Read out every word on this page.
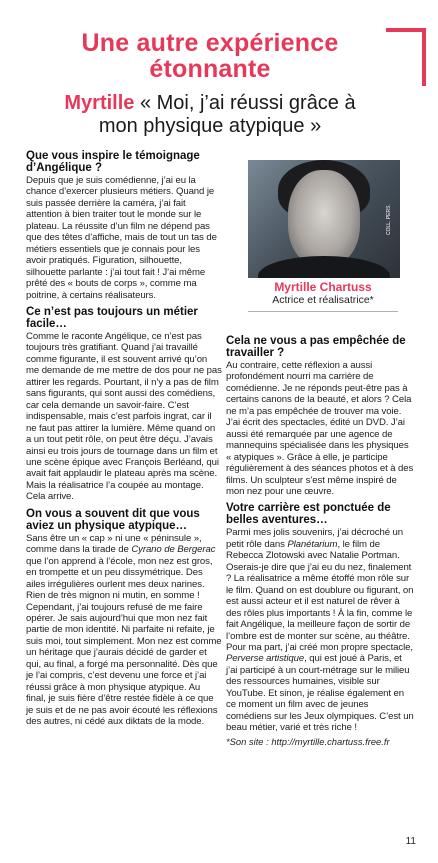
Une autre expérience étonnante
Myrtille « Moi, j’ai réussi grâce à mon physique atypique »
Que vous inspire le témoignage d’Angélique ?

Depuis que je suis comédienne, j’ai eu la chance d’exercer plusieurs métiers. Quand je suis passée derrière la caméra, j’ai fait attention à bien traiter tout le monde sur le plateau. La réussite d’un film ne dépend pas que des têtes d’affiche, mais de tout un tas de métiers essentiels que je connais pour les avoir pratiqués. Figuration, silhouette, silhouette parlante : j’ai tout fait ! J’ai même prêté des « bouts de corps », comme ma poitrine, à certains réalisateurs.

Ce n’est pas toujours un métier facile…

Comme le raconte Angélique, ce n’est pas toujours très gratifiant. Quand j’ai travaillé comme figurante, il est souvent arrivé qu’on me demande de me mettre de dos pour ne pas attirer les regards. Pourtant, il n’y a pas de film sans figurants, qui sont aussi des comédiens, car cela demande un savoir-faire. C’est indispensable, mais c’est parfois ingrat, car il ne faut pas attirer la lumière. Même quand on a un tout petit rôle, on peut être déçu. J’avais ainsi eu trois jours de tournage dans un film et une scène épique avec François Berléand, qui avait fait applaudir le plateau après ma scène. Mais la réalisatrice l’a coupée au montage. Cela arrive.

On vous a souvent dit que vous aviez un physique atypique…

Sans être un « cap » ni une « péninsule », comme dans la tirade de Cyrano de Bergerac que l’on apprend à l’école, mon nez est gros, en trompette et un peu dissymétrique. Des ailes irrégulières ourlent mes deux narines. Rien de très mignon ni mutin, en somme ! Cependant, j’ai toujours refusé de me faire opérer. Je sais aujourd’hui que mon nez fait partie de mon identité. Ni parfaite ni refaite, je suis moi, tout simplement. Mon nez est comme un héritage que j’aurais décidé de garder et qui, au final, a forgé ma personnalité. Dès que je l’ai compris, c’est devenu une force et j’ai réussi grâce à mon physique atypique. Au final, je suis fière d’être restée fidèle à ce que je suis et de ne pas avoir écouté les réflexions des autres, ni cédé aux diktats de la mode.

COLL. PERS.
Myrtille Chartuss
Actrice et réalisatrice*
Cela ne vous a pas empêchée de travailler ?

Au contraire, cette réflexion a aussi profondément nourri ma carrière de comédienne. Je ne réponds peut-être pas à certains canons de la beauté, et alors ? Cela ne m’a pas empêchée de trouver ma voie. J’ai écrit des spectacles, édité un DVD. J’ai aussi été remarquée par une agence de mannequins spécialisée dans les physiques « atypiques ». Grâce à elle, je participe régulièrement à des séances photos et à des films. Un sculpteur s’est même inspiré de mon nez pour une œuvre.

Votre carrière est ponctuée de belles aventures…

Parmi mes jolis souvenirs, j’ai décroché un petit rôle dans Planétarium, le film de Rebecca Zlotowski avec Natalie Portman. Oserais-je dire que j’ai eu du nez, finalement ? La réalisatrice a même étoffé mon rôle sur le film. Quand on est doublure ou figurant, on est aussi acteur et il est naturel de rêver à des rôles plus importants ! À la fin, comme le fait Angélique, la meilleure façon de sortir de l’ombre est de monter sur scène, au théâtre. Pour ma part, j’ai créé mon propre spectacle, Perverse artistique, qui est joué à Paris, et j’ai participé à un court-métrage sur le milieu des ressources humaines, visible sur YouTube. Et sinon, je réalise également en ce moment un film avec de jeunes comédiens sur les Jeux olympiques. C’est un beau métier, varié et très riche !

*Son site : http://myrtille.chartuss.free.fr
11
